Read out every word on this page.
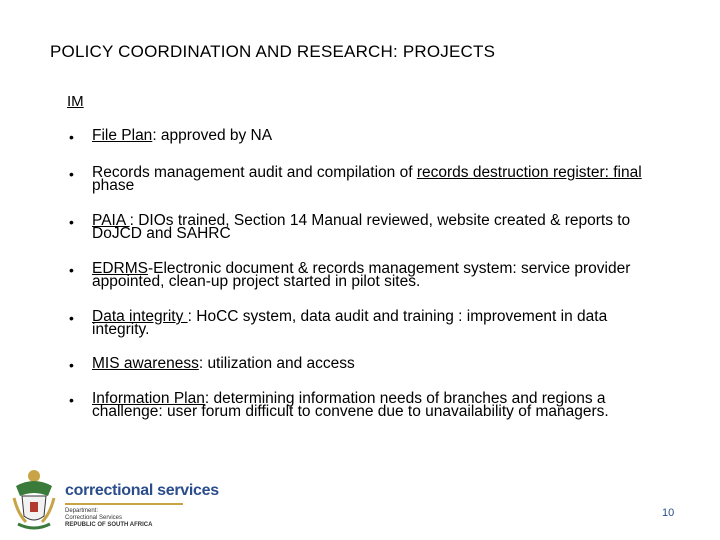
POLICY COORDINATION AND RESEARCH: PROJECTS
IM
• File Plan: approved by NA
• Records management audit and compilation of records destruction register: final phase
• PAIA : DIOs trained, Section 14 Manual reviewed, website created & reports to DoJCD and SAHRC
• EDRMS-Electronic document & records management system: service provider appointed, clean-up project started in pilot sites.
• Data integrity : HoCC system, data audit and training : improvement in data integrity.
• MIS awareness: utilization and access
• Information Plan: determining information needs of branches and regions a challenge: user forum difficult to convene due to unavailability of managers.
correctional services
Department:
Correctional Services
REPUBLIC OF SOUTH AFRICA
10
